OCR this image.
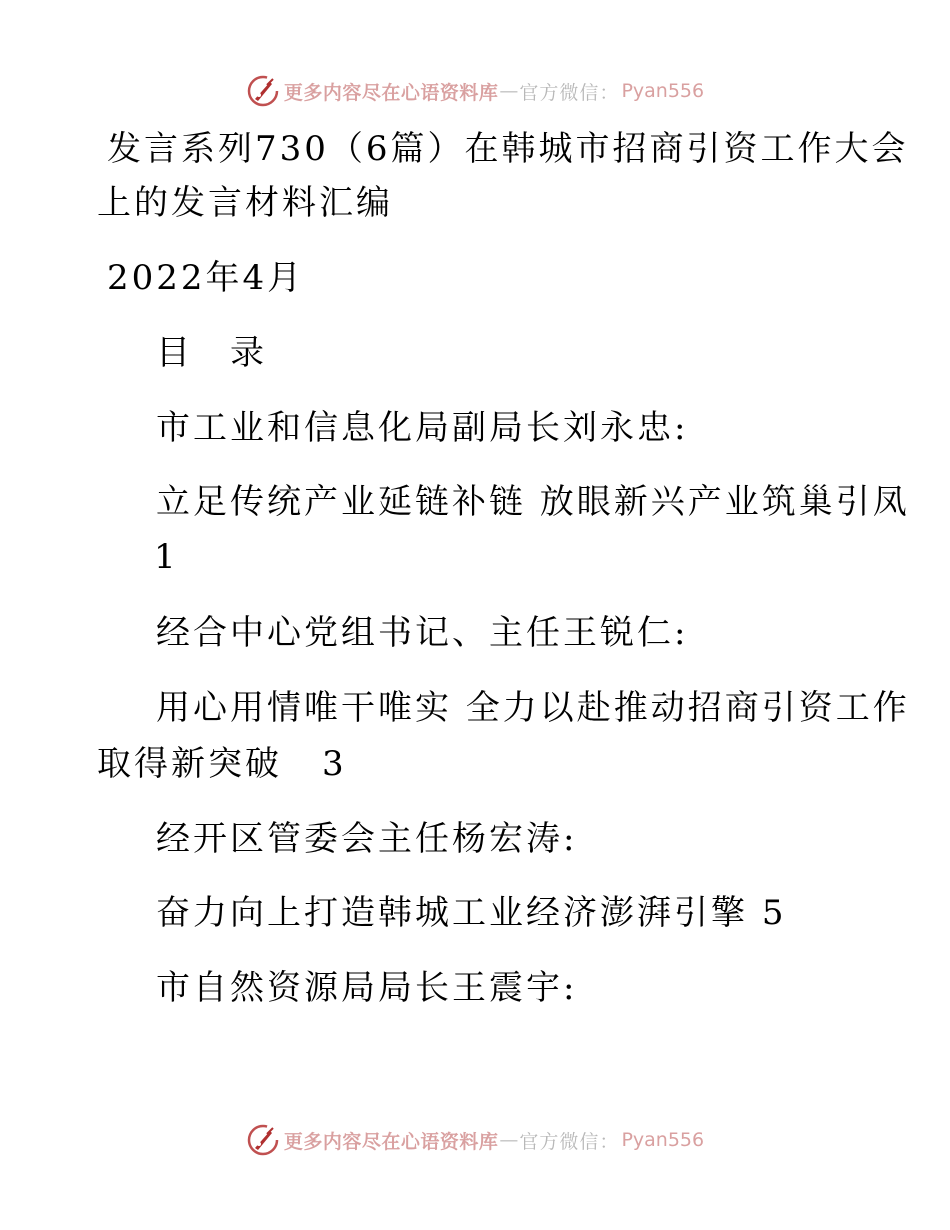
更多内容尽在心语资料库 — 官方微信： Pyan556
发言系列730（6篇）在韩城市招商引资工作大会
上的发言材料汇编
2022年4月
目　录
市工业和信息化局副局长刘永忠:
立足传统产业延链补链 放眼新兴产业筑巢引凤
1
经合中心党组书记、主任王锐仁:
用心用情唯干唯实 全力以赴推动招商引资工作
取得新突破 3
经开区管委会主任杨宏涛:
奋力向上打造韩城工业经济澎湃引擎 5
市自然资源局局长王震宇:
更多内容尽在心语资料库 — 官方微信： Pyan556
